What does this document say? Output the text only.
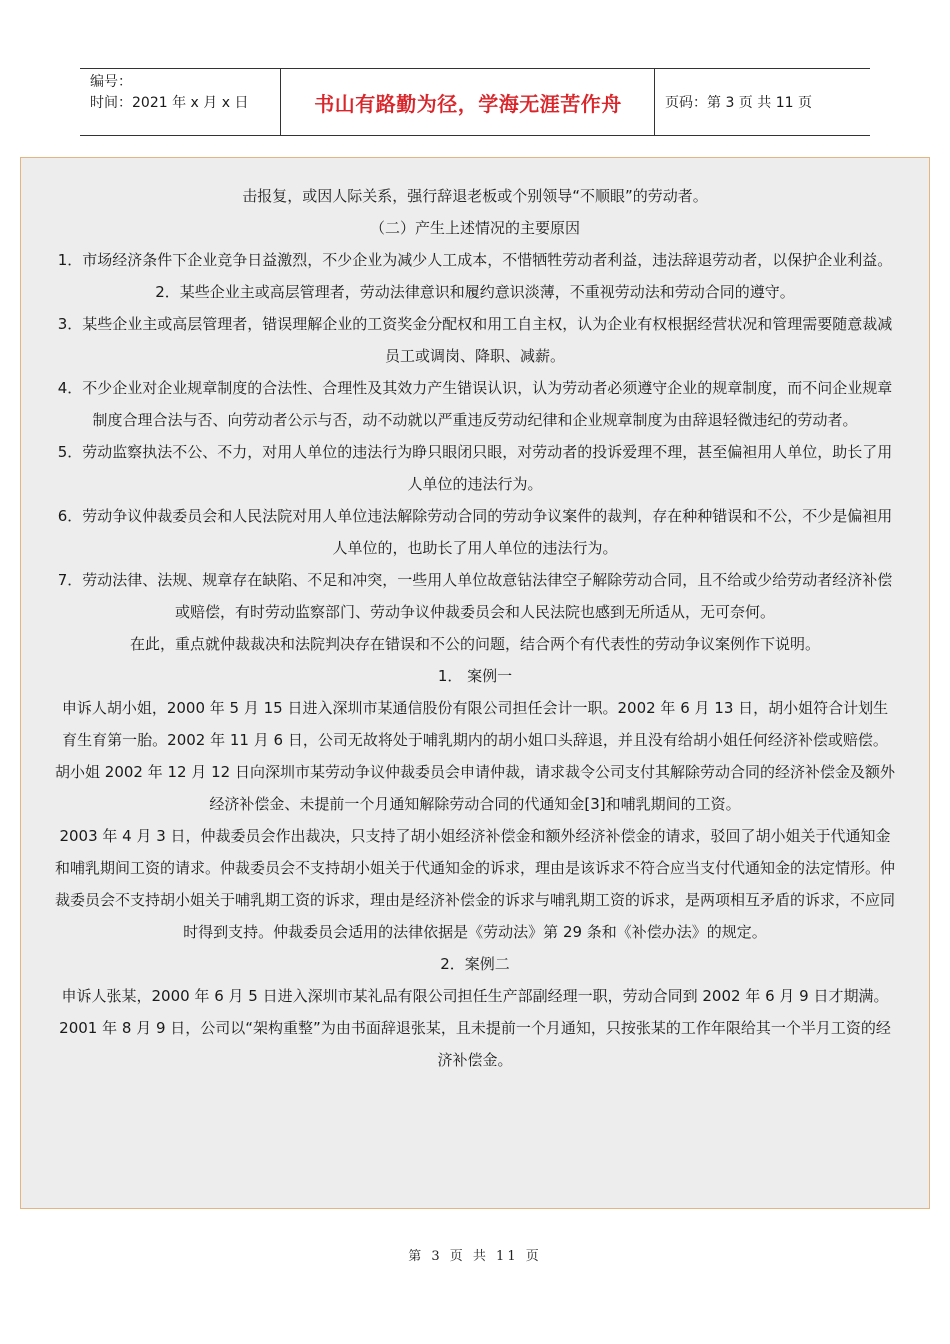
编号：
时间：2021 年 x 月 x 日	书山有路勤为径，学海无涯苦作舟	页码：第 3 页 共 11 页

击报复，或因人际关系，强行辞退老板或个别领导“不顺眼”的劳动者。

（二）产生上述情况的主要原因

1．市场经济条件下企业竞争日益激烈，不少企业为减少人工成本，不惜牺牲劳动者利益，违法辞退劳动者，以保护企业利益。

2．某些企业主或高层管理者，劳动法律意识和履约意识淡薄，不重视劳动法和劳动合同的遵守。

3．某些企业主或高层管理者，错误理解企业的工资奖金分配权和用工自主权，认为企业有权根据经营状况和管理需要随意裁减员工或调岗、降职、减薪。

4．不少企业对企业规章制度的合法性、合理性及其效力产生错误认识，认为劳动者必须遵守企业的规章制度，而不问企业规章制度合理合法与否、向劳动者公示与否，动不动就以严重违反劳动纪律和企业规章制度为由辞退轻微违纪的劳动者。

5．劳动监察执法不公、不力，对用人单位的违法行为睁只眼闭只眼，对劳动者的投诉爱理不理，甚至偏袒用人单位，助长了用人单位的违法行为。

6．劳动争议仲裁委员会和人民法院对用人单位违法解除劳动合同的劳动争议案件的裁判，存在种种错误和不公，不少是偏袒用人单位的，也助长了用人单位的违法行为。

7．劳动法律、法规、规章存在缺陷、不足和冲突，一些用人单位故意钻法律空子解除劳动合同，且不给或少给劳动者经济补偿或赔偿，有时劳动监察部门、劳动争议仲裁委员会和人民法院也感到无所适从，无可奈何。

在此，重点就仲裁裁决和法院判决存在错误和不公的问题，结合两个有代表性的劳动争议案例作下说明。

1． 案例一

申诉人胡小姐，2000 年 5 月 15 日进入深圳市某通信股份有限公司担任会计一职。2002 年 6 月 13 日，胡小姐符合计划生育生育第一胎。2002 年 11 月 6 日，公司无故将处于哺乳期内的胡小姐口头辞退，并且没有给胡小姐任何经济补偿或赔偿。胡小姐 2002 年 12 月 12 日向深圳市某劳动争议仲裁委员会申请仲裁，请求裁令公司支付其解除劳动合同的经济补偿金及额外经济补偿金、未提前一个月通知解除劳动合同的代通知金[3]和哺乳期间的工资。

2003 年 4 月 3 日，仲裁委员会作出裁决，只支持了胡小姐经济补偿金和额外经济补偿金的请求，驳回了胡小姐关于代通知金和哺乳期间工资的请求。仲裁委员会不支持胡小姐关于代通知金的诉求，理由是该诉求不符合应当支付代通知金的法定情形。仲裁委员会不支持胡小姐关于哺乳期工资的诉求，理由是经济补偿金的诉求与哺乳期工资的诉求，是两项相互矛盾的诉求，不应同时得到支持。仲裁委员会适用的法律依据是《劳动法》第 29 条和《补偿办法》的规定。

2．案例二

申诉人张某，2000 年 6 月 5 日进入深圳市某礼品有限公司担任生产部副经理一职，劳动合同到 2002 年 6 月 9 日才期满。2001 年 8 月 9 日，公司以“架构重整”为由书面辞退张某，且未提前一个月通知，只按张某的工作年限给其一个半月工资的经济补偿金。

第 3 页 共 11 页
